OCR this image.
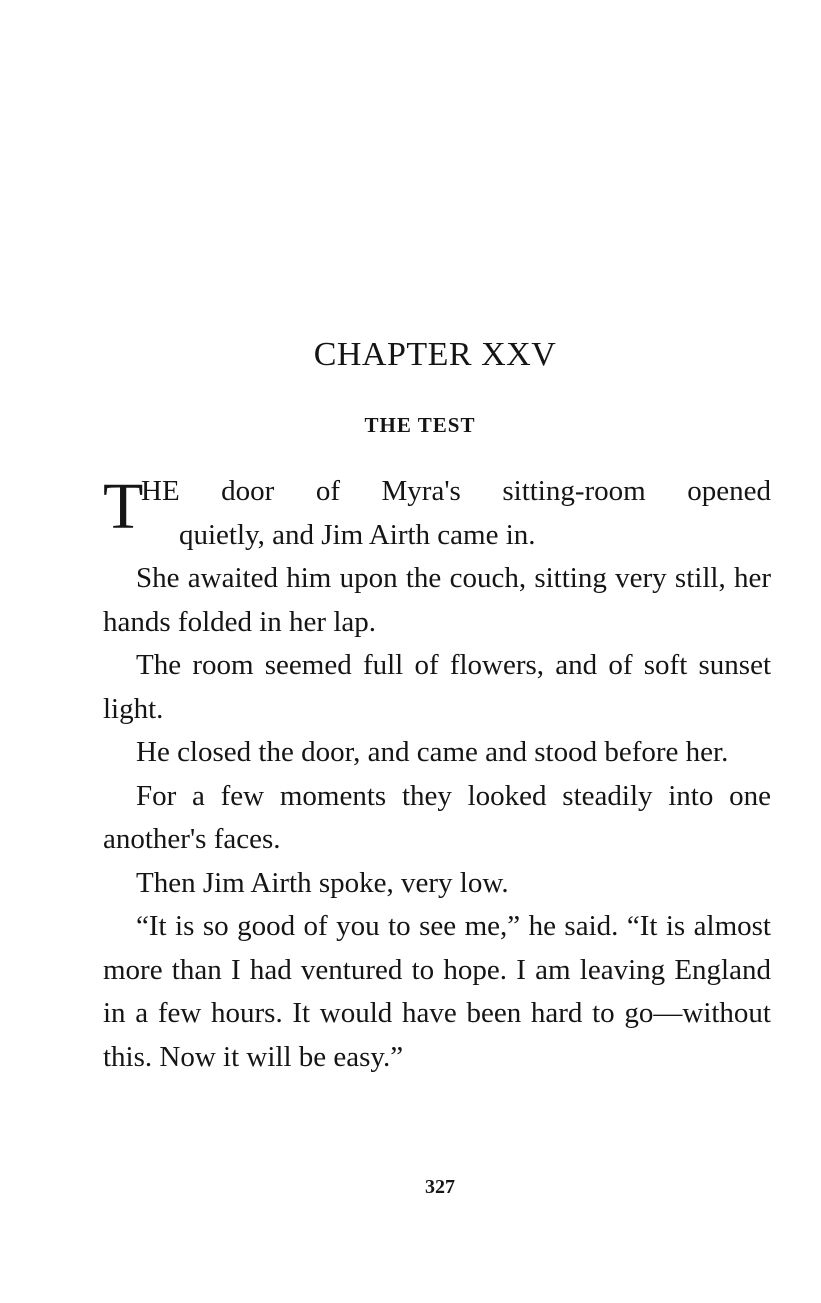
CHAPTER XXV
THE TEST
T
HE door of Myra's sitting-room opened
quietly, and Jim Airth came in.

She awaited him upon the couch, sitting very still, her hands folded in her lap.

The room seemed full of flowers, and of soft sunset light.

He closed the door, and came and stood before her.

For a few moments they looked steadily into one another's faces.

Then Jim Airth spoke, very low.

“It is so good of you to see me,” he said. “It is almost more than I had ventured to hope. I am leaving England in a few hours. It would have been hard to go—without this. Now it will be easy.”

327
